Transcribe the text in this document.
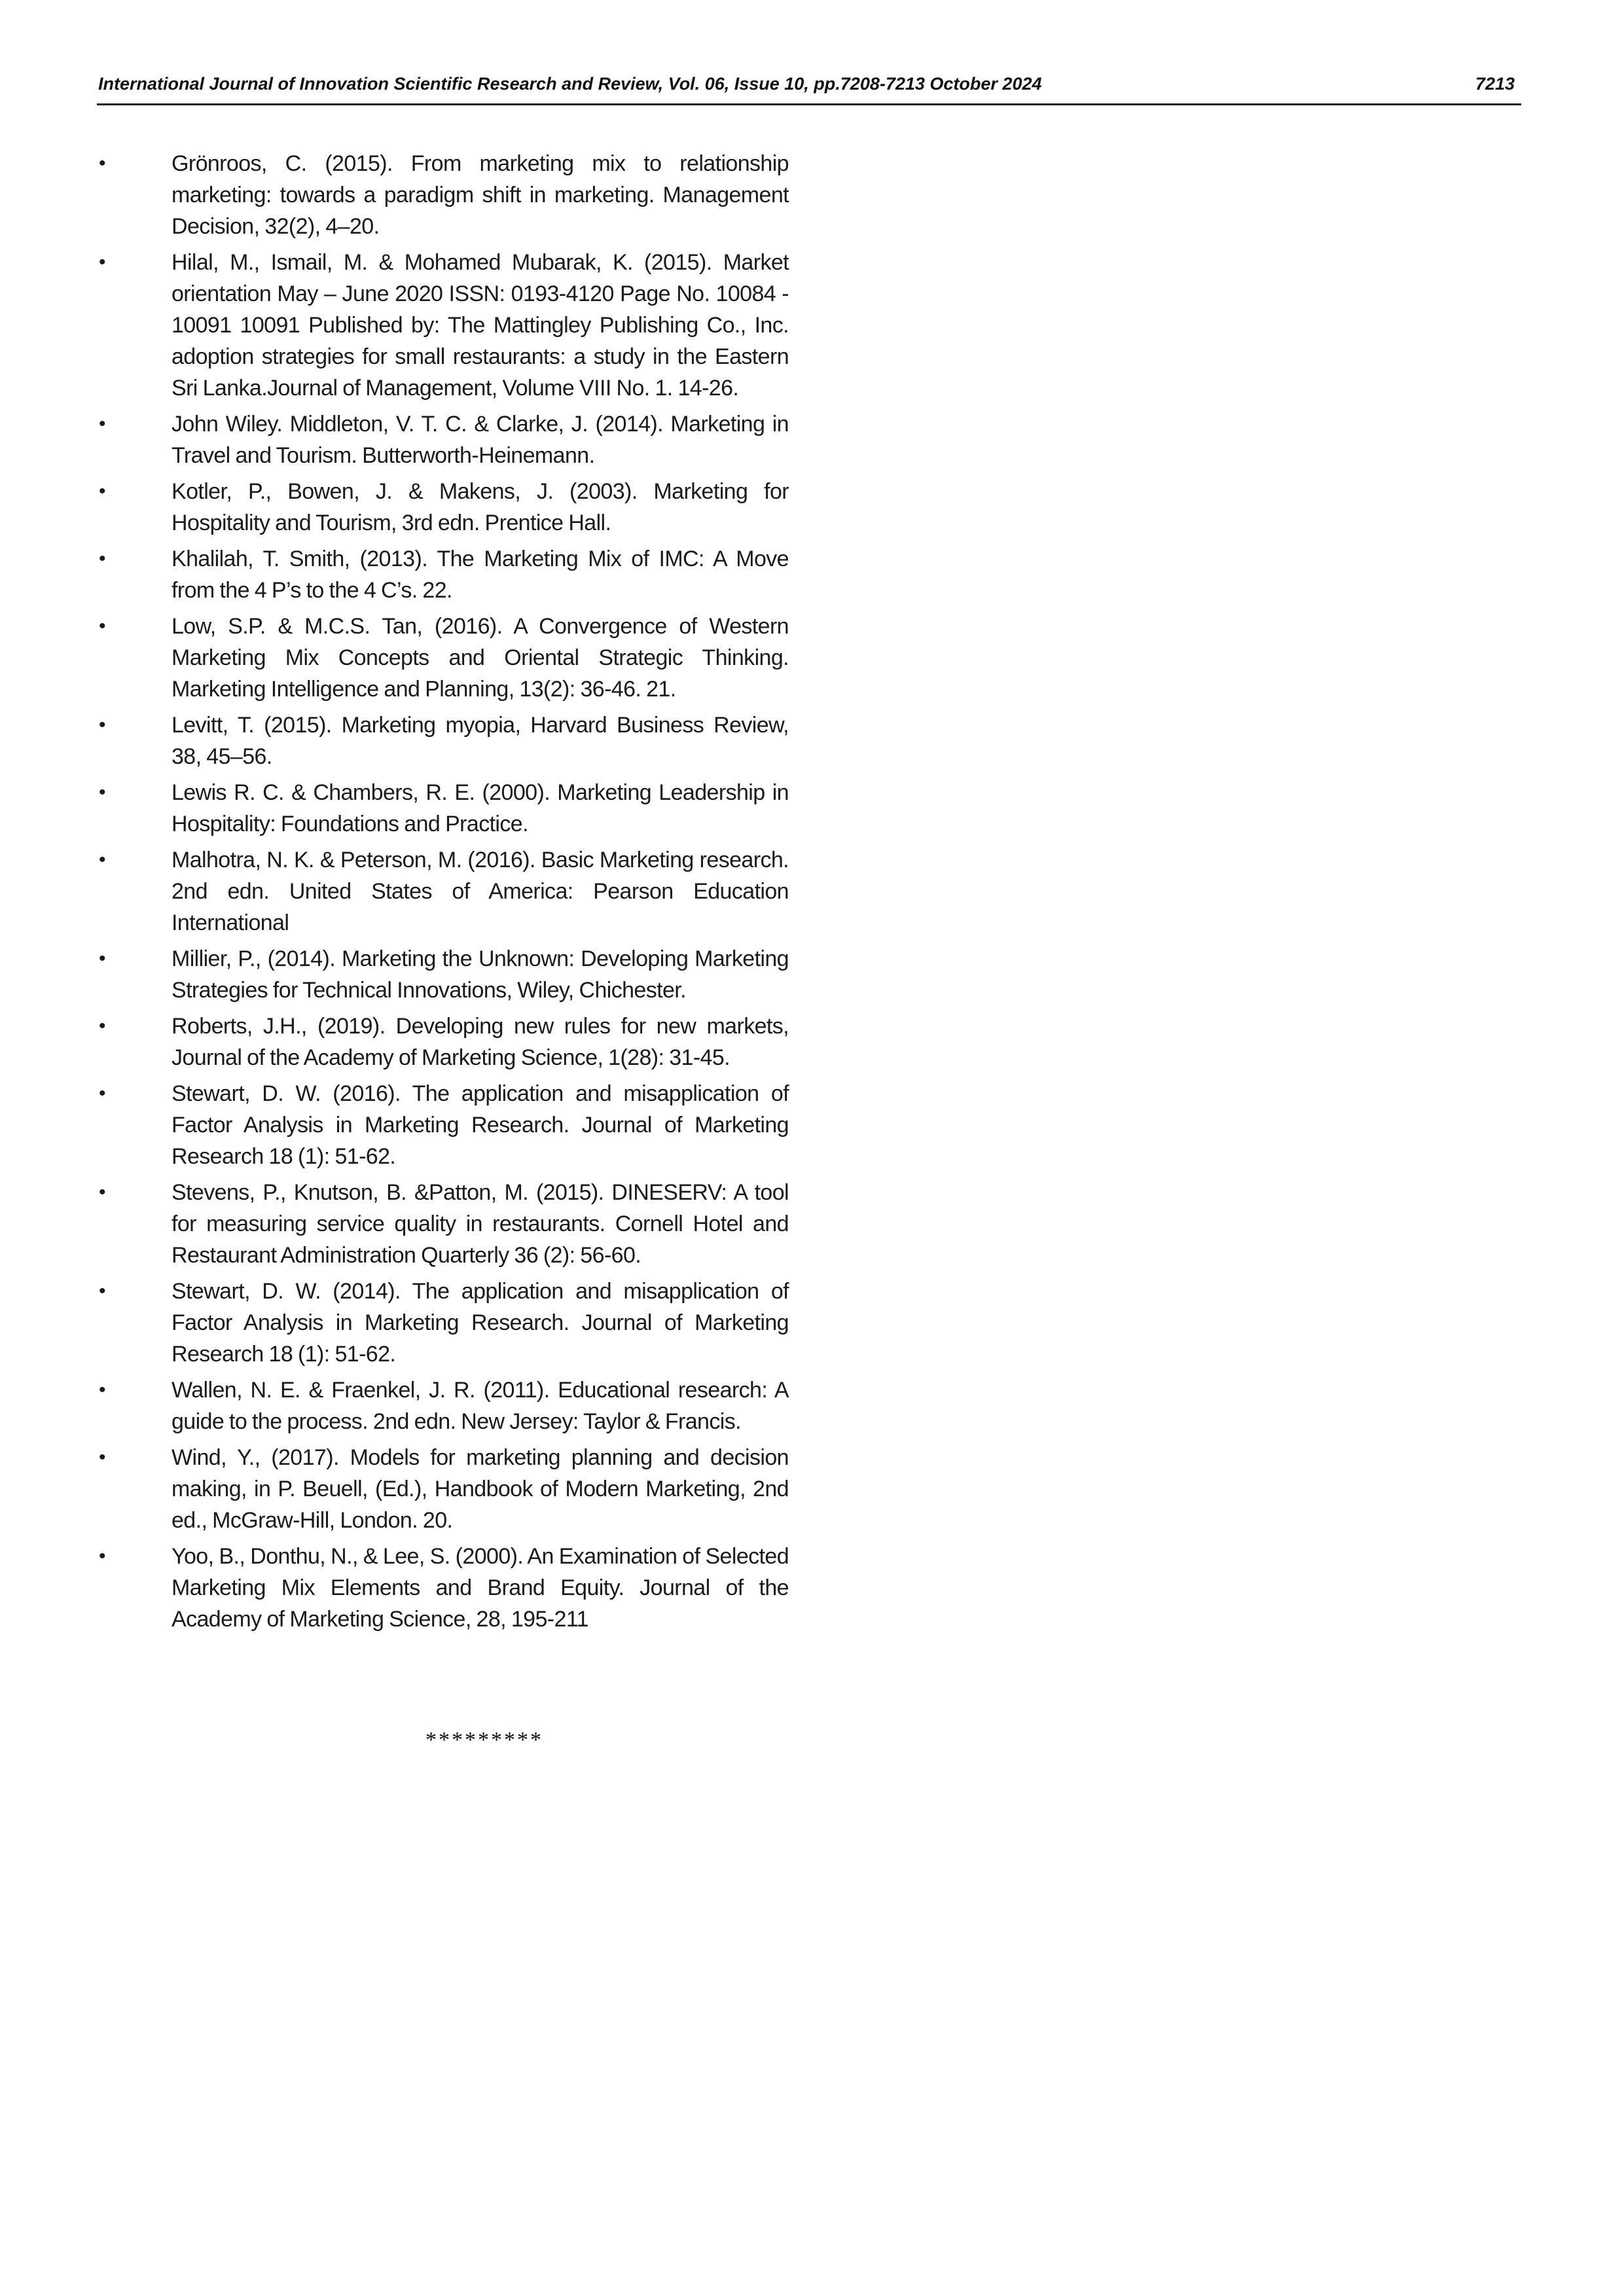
International Journal of Innovation Scientific Research and Review, Vol. 06, Issue 10, pp.7208-7213 October 2024	7213
•	Grönroos, C. (2015). From marketing mix to relationship marketing: towards a paradigm shift in marketing. Management Decision, 32(2), 4–20.
•	Hilal, M., Ismail, M. & Mohamed Mubarak, K. (2015). Market orientation May – June 2020 ISSN: 0193-4120 Page No. 10084 - 10091 10091 Published by: The Mattingley Publishing Co., Inc. adoption strategies for small restaurants: a study in the Eastern Sri Lanka.Journal of Management, Volume VIII No. 1. 14-26.
•	John Wiley. Middleton, V. T. C. & Clarke, J. (2014). Marketing in Travel and Tourism. Butterworth-Heinemann.
•	Kotler, P., Bowen, J. & Makens, J. (2003). Marketing for Hospitality and Tourism, 3rd edn. Prentice Hall.
•	Khalilah, T. Smith, (2013). The Marketing Mix of IMC: A Move from the 4 P’s to the 4 C’s. 22.
•	Low, S.P. & M.C.S. Tan, (2016). A Convergence of Western Marketing Mix Concepts and Oriental Strategic Thinking. Marketing Intelligence and Planning, 13(2): 36-46. 21.
•	Levitt, T. (2015). Marketing myopia, Harvard Business Review, 38, 45–56.
•	Lewis R. C. & Chambers, R. E. (2000). Marketing Leadership in Hospitality: Foundations and Practice.
•	Malhotra, N. K. & Peterson, M. (2016). Basic Marketing research. 2nd edn. United States of America: Pearson Education International
•	Millier, P., (2014). Marketing the Unknown: Developing Marketing Strategies for Technical Innovations, Wiley, Chichester.
•	Roberts, J.H., (2019). Developing new rules for new markets, Journal of the Academy of Marketing Science, 1(28): 31-45.
•	Stewart, D. W. (2016). The application and misapplication of Factor Analysis in Marketing Research. Journal of Marketing Research 18 (1): 51-62.
•	Stevens, P., Knutson, B. &Patton, M. (2015). DINESERV: A tool for measuring service quality in restaurants. Cornell Hotel and Restaurant Administration Quarterly 36 (2): 56-60.
•	Stewart, D. W. (2014). The application and misapplication of Factor Analysis in Marketing Research. Journal of Marketing Research 18 (1): 51-62.
•	Wallen, N. E. & Fraenkel, J. R. (2011). Educational research: A guide to the process. 2nd edn. New Jersey: Taylor & Francis.
•	Wind, Y., (2017). Models for marketing planning and decision making, in P. Beuell, (Ed.), Handbook of Modern Marketing, 2nd ed., McGraw-Hill, London. 20.
•	Yoo, B., Donthu, N., & Lee, S. (2000). An Examination of Selected Marketing Mix Elements and Brand Equity. Journal of the Academy of Marketing Science, 28, 195-211
*********
